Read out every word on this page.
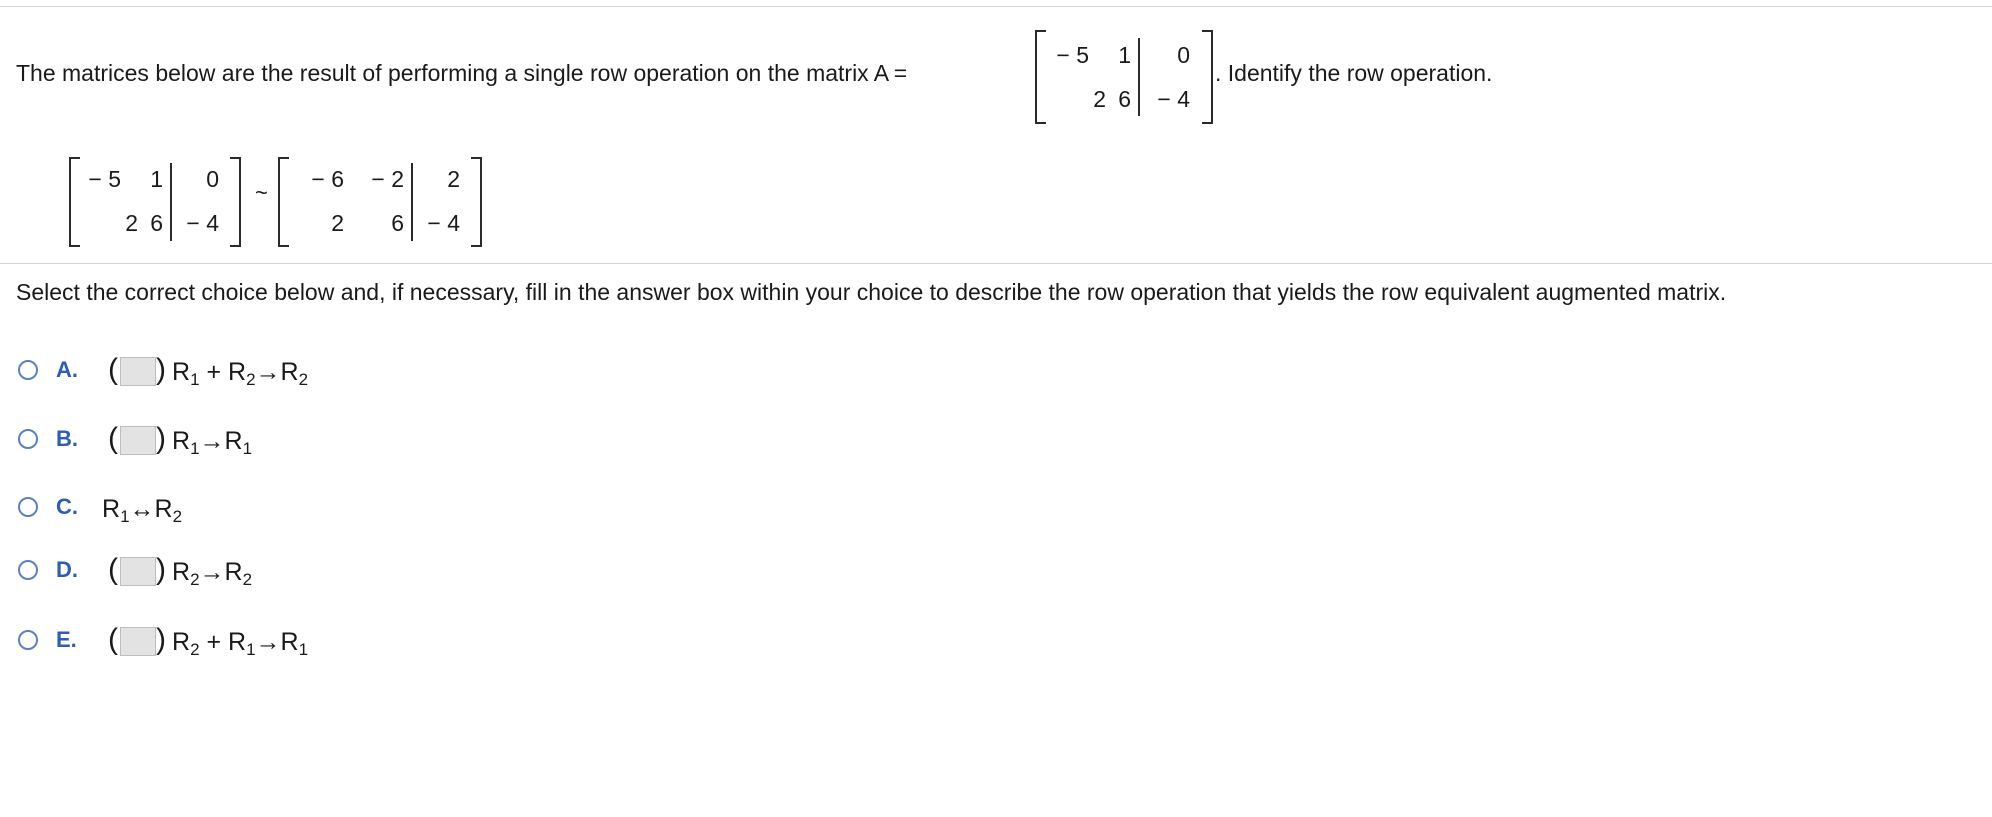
The matrices below are the result of performing a single row operation on the matrix A =
− 5 1 0
2 6 − 4
. Identify the row operation.
− 5 1 0
2 6 − 4
~
− 6 − 2 2
2 6 − 4
Select the correct choice below and, if necessary, fill in the answer box within your choice to describe the row operation that yields the row equivalent augmented matrix.
A. ( ) $R_1 + R_2\to R_2$
B. ( ) $R_1\to R_1$
C. $R_1\leftrightarrow R_2$
D. ( ) $R_2\to R_2$
E. ( ) $R_2 + R_1\to R_1$
